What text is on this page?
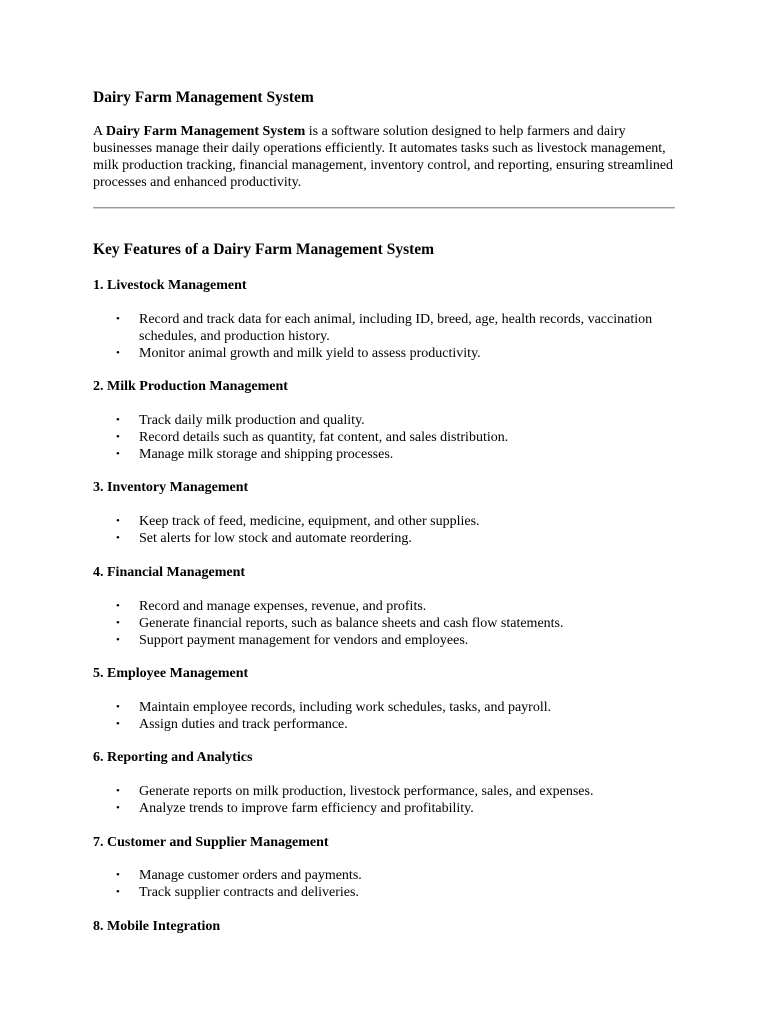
Dairy Farm Management System

A Dairy Farm Management System is a software solution designed to help farmers and dairy businesses manage their daily operations efficiently. It automates tasks such as livestock management, milk production tracking, financial management, inventory control, and reporting, ensuring streamlined processes and enhanced productivity.

Key Features of a Dairy Farm Management System
1. Livestock Management
• Record and track data for each animal, including ID, breed, age, health records, vaccination schedules, and production history.
• Monitor animal growth and milk yield to assess productivity.
2. Milk Production Management
• Track daily milk production and quality.
• Record details such as quantity, fat content, and sales distribution.
• Manage milk storage and shipping processes.
3. Inventory Management
• Keep track of feed, medicine, equipment, and other supplies.
• Set alerts for low stock and automate reordering.
4. Financial Management
• Record and manage expenses, revenue, and profits.
• Generate financial reports, such as balance sheets and cash flow statements.
• Support payment management for vendors and employees.
5. Employee Management
• Maintain employee records, including work schedules, tasks, and payroll.
• Assign duties and track performance.
6. Reporting and Analytics
• Generate reports on milk production, livestock performance, sales, and expenses.
• Analyze trends to improve farm efficiency and profitability.
7. Customer and Supplier Management
• Manage customer orders and payments.
• Track supplier contracts and deliveries.
8. Mobile Integration
